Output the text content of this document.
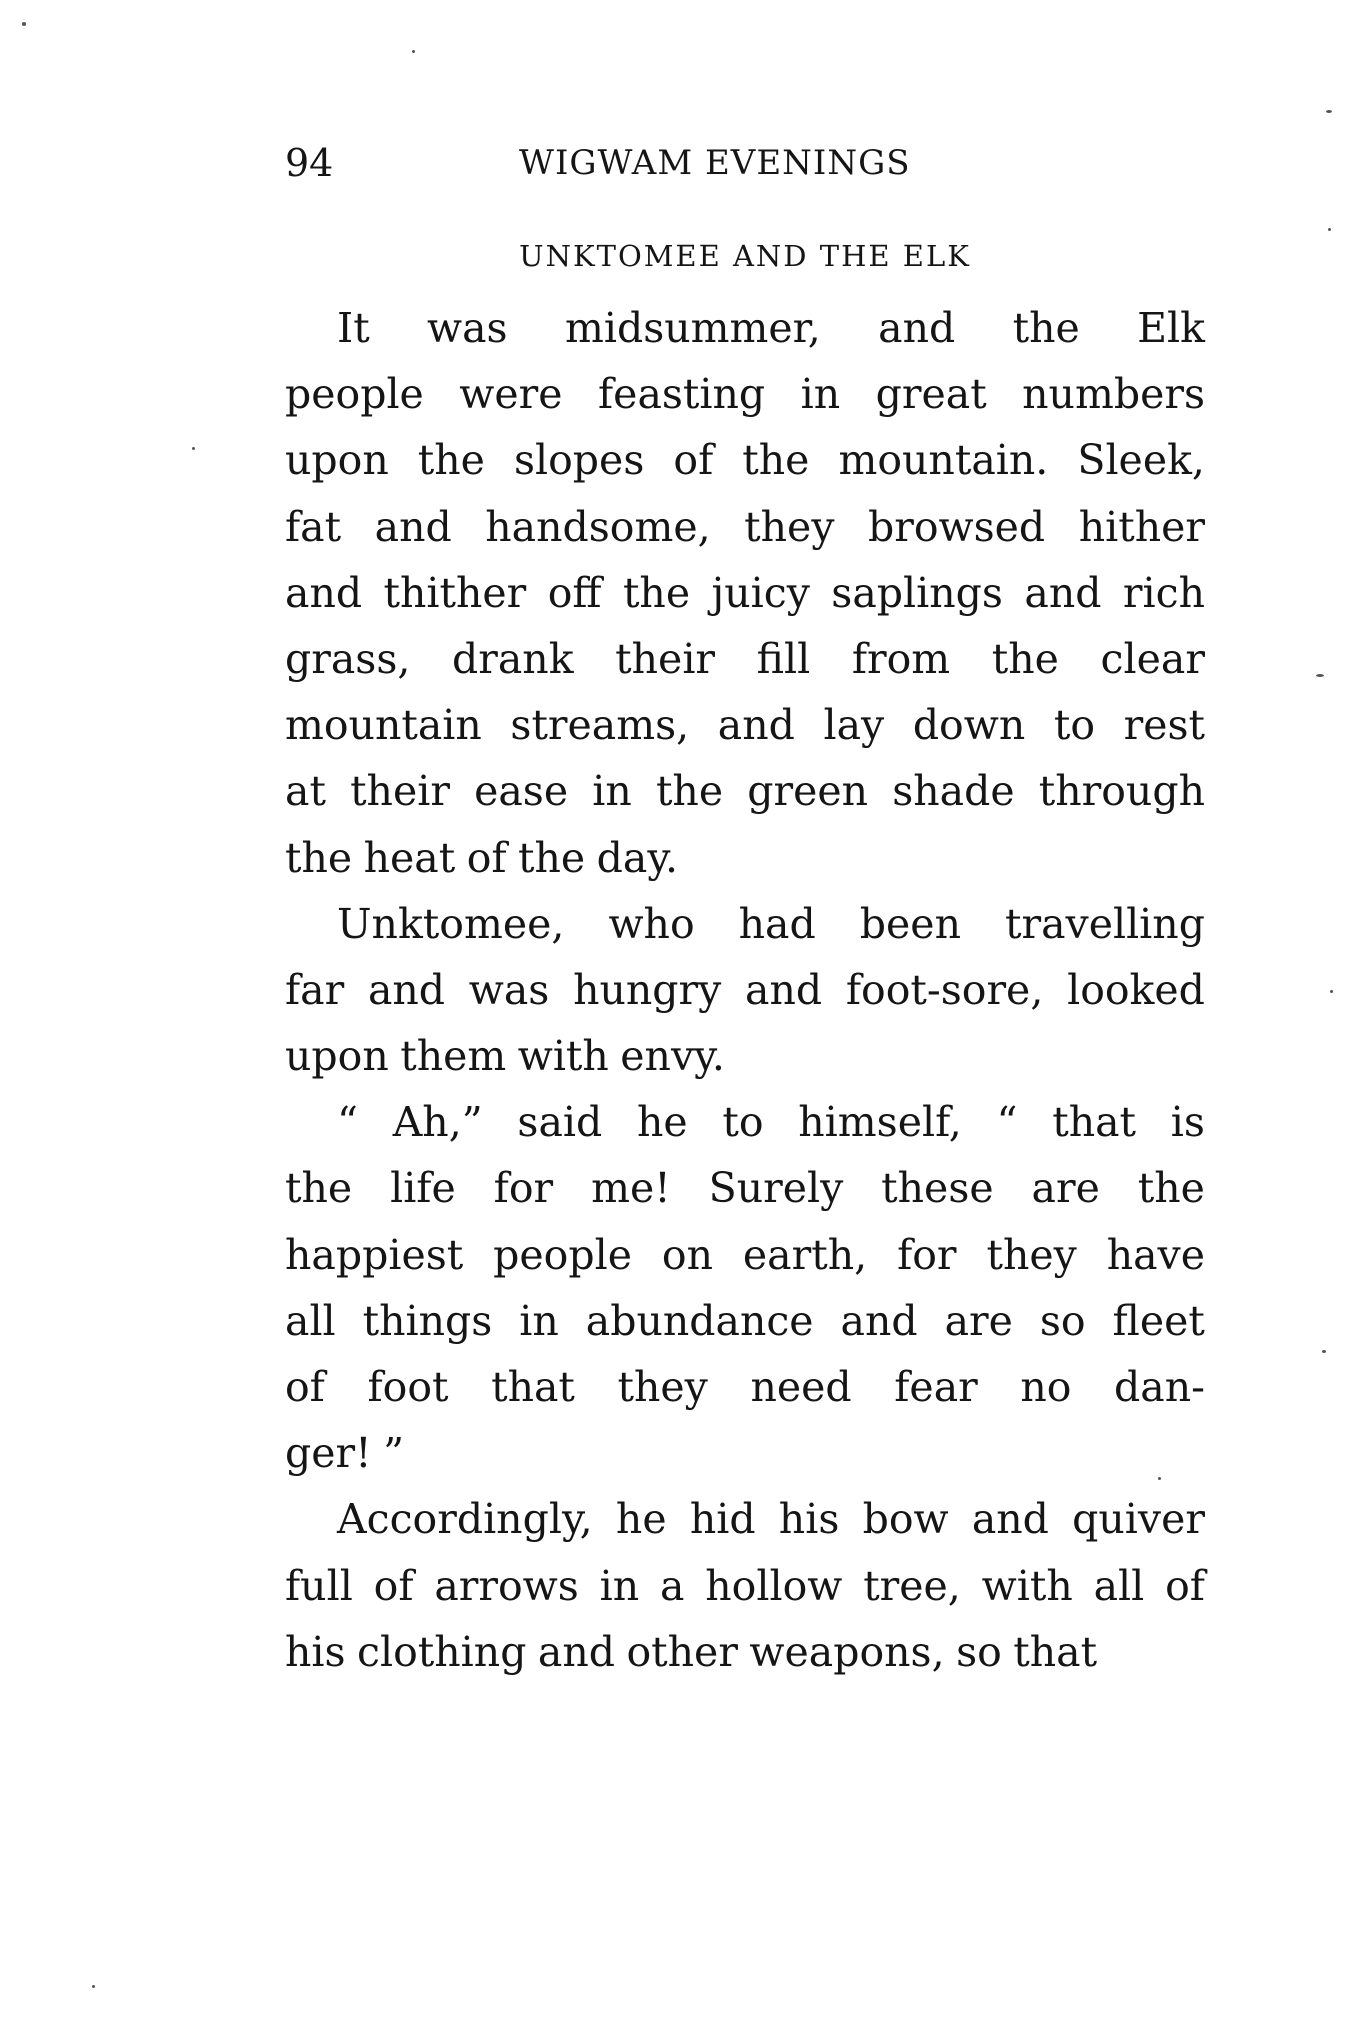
94	WIGWAM EVENINGS
UNKTOMEE AND THE ELK
It was midsummer, and the Elk
people were feasting in great numbers
upon the slopes of the mountain. Sleek,
fat and handsome, they browsed hither
and thither off the juicy saplings and rich
grass, drank their fill from the clear
mountain streams, and lay down to rest
at their ease in the green shade through
the heat of the day.
Unktomee, who had been travelling
far and was hungry and foot-sore, looked
upon them with envy.
“ Ah,” said he to himself, “ that is
the life for me! Surely these are the
happiest people on earth, for they have
all things in abundance and are so fleet
of foot that they need fear no dan-
ger! ”
Accordingly, he hid his bow and quiver
full of arrows in a hollow tree, with all of
his clothing and other weapons, so that
